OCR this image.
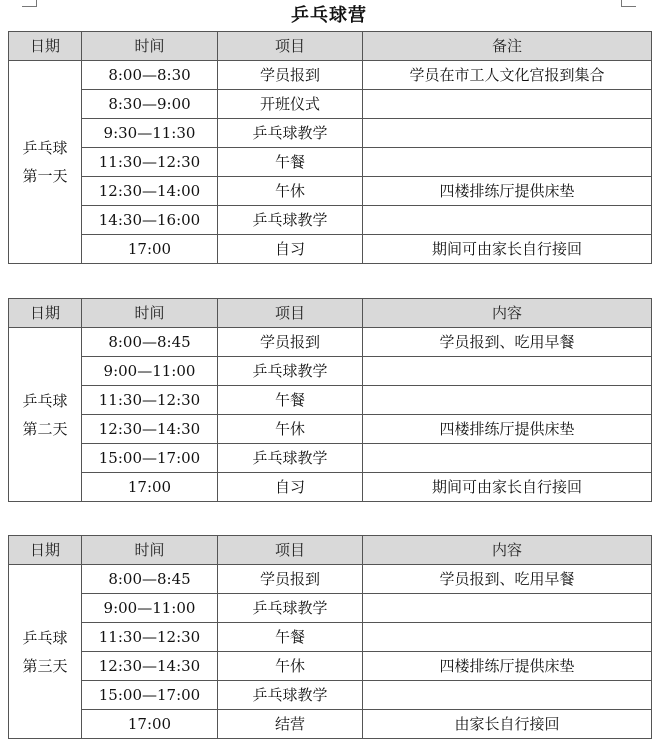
乒乓球营
日期	时间	项目	备注

乒乓球
第一天	8:00—8:30	学员报到	学员在市工人文化宫报到集合
	8:30—9:00	开班仪式	
	9:30—11:30	乒乓球教学	
	11:30—12:30	午餐	
	12:30—14:00	午休	四楼排练厅提供床垫
	14:30—16:00	乒乓球教学	
	17:00	自习	期间可由家长自行接回
日期	时间	项目	内容

乒乓球
第二天	8:00—8:45	学员报到	学员报到、吃用早餐
	9:00—11:00	乒乓球教学	
	11:30—12:30	午餐	
	12:30—14:30	午休	四楼排练厅提供床垫
	15:00—17:00	乒乓球教学	
	17:00	自习	期间可由家长自行接回
日期	时间	项目	内容

乒乓球
第三天	8:00—8:45	学员报到	学员报到、吃用早餐
	9:00—11:00	乒乓球教学	
	11:30—12:30	午餐	
	12:30—14:30	午休	四楼排练厅提供床垫
	15:00—17:00	乒乓球教学	
	17:00	结营	由家长自行接回
